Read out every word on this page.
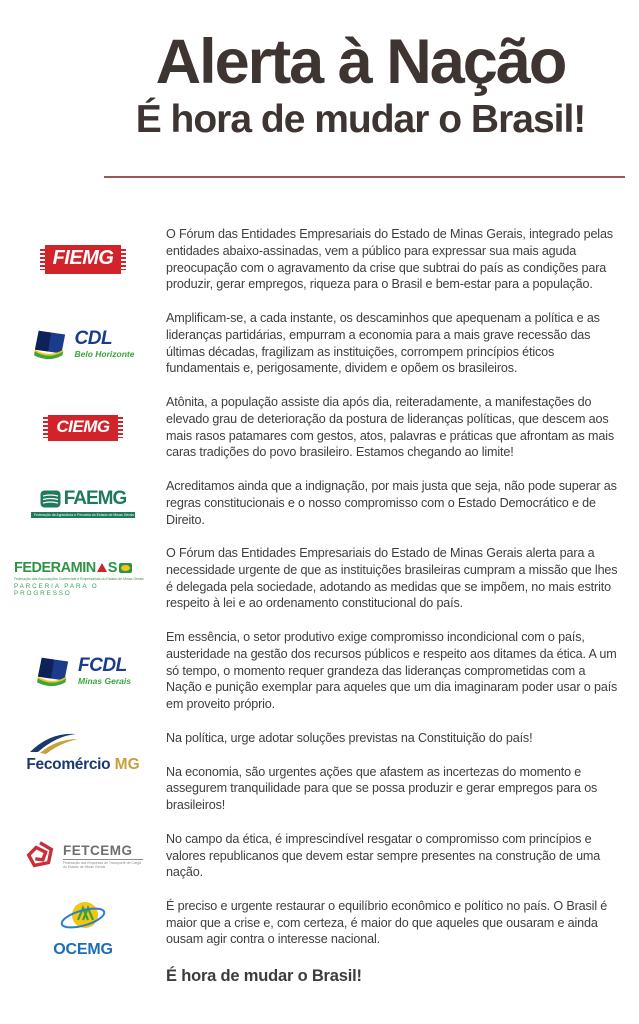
Alerta à Nação
É hora de mudar o Brasil!
FIEMG

O Fórum das Entidades Empresariais do Estado de Minas Gerais, integrado pelas entidades abaixo-assinadas, vem a público para expressar sua mais aguda preocupação com o agravamento da crise que subtrai do país as condições para produzir, gerar empregos, riqueza para o Brasil e bem-estar para a população.

CDL
Belo Horizonte

Amplificam-se, a cada instante, os descaminhos que apequenam a política e as lideranças partidárias, empurram a economia para a mais grave recessão das últimas décadas, fragilizam as instituições, corrompem princípios éticos fundamentais e, perigosamente, dividem e opõem os brasileiros.

CIEMG

Atônita, a população assiste dia após dia, reiteradamente, a manifestações do elevado grau de deterioração da postura de lideranças políticas, que descem aos mais rasos patamares com gestos, atos, palavras e práticas que afrontam as mais caras tradições do povo brasileiro. Estamos chegando ao limite!

FAEMG
Federação da Agricultura e Pecuária do Estado de Minas Gerais

Acreditamos ainda que a indignação, por mais justa que seja, não pode superar as regras constitucionais e o nosso compromisso com o Estado Democrático e de Direito.

FEDERAMIN S
Federação das Associações Comerciais e Empresariais do Estado de Minas Gerais
PARCERIA PARA O PROGRESSO

O Fórum das Entidades Empresariais do Estado de Minas Gerais alerta para a necessidade urgente de que as instituições brasileiras cumpram a missão que lhes é delegada pela sociedade, adotando as medidas que se impõem, no mais estrito respeito à lei e ao ordenamento constitucional do país.

FCDL
Minas Gerais

Em essência, o setor produtivo exige compromisso incondicional com o país, austeridade na gestão dos recursos públicos e respeito aos ditames da ética. A um só tempo, o momento requer grandeza das lideranças comprometidas com a Nação e punição exemplar para aqueles que um dia imaginaram poder usar o país em proveito próprio.

Fecomércio MG

Na política, urge adotar soluções previstas na Constituição do país!

Na economia, são urgentes ações que afastem as incertezas do momento e assegurem tranquilidade para que se possa produzir e gerar empregos para os brasileiros!

FETCEMG
Federação das Empresas de Transporte de Carga do Estado de Minas Gerais

No campo da ética, é imprescindível resgatar o compromisso com princípios e valores republicanos que devem estar sempre presentes na construção de uma nação.

OCEMG

É preciso e urgente restaurar o equilíbrio econômico e político no país. O Brasil é maior que a crise e, com certeza, é maior do que aqueles que ousaram e ainda ousam agir contra o interesse nacional.

É hora de mudar o Brasil!
